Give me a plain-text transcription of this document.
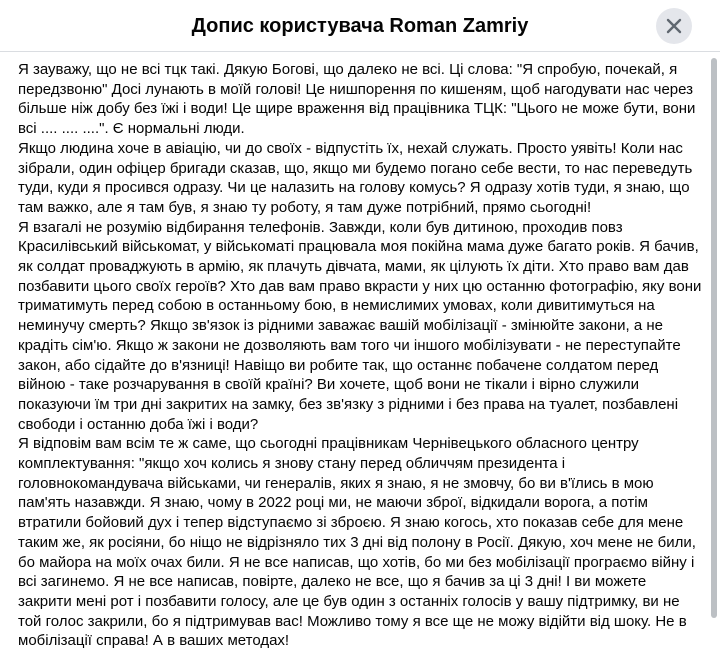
Допис користувача Roman Zamriy

Я зауважу, що не всі тцк такі. Дякую Богові, що далеко не всі. Ці слова: "Я спробую, почекай, я передзвоню" Досі лунають в моїй голові! Це нишпорення по кишеням, щоб нагодувати нас через більше ніж добу без їжі і води! Це щире враження від працівника ТЦК: "Цього не може бути, вони всі .... .... ....". Є нормальні люди.

Якщо людина хоче в авіацію, чи до своїх - відпустіть їх, нехай служать. Просто уявіть! Коли нас зібрали, один офіцер бригади сказав, що, якщо ми будемо погано себе вести, то нас переведуть туди, куди я просився одразу. Чи це налазить на голову комусь? Я одразу хотів туди, я знаю, що там важко, але я там був, я знаю ту роботу, я там дуже потрібний, прямо сьогодні!

Я взагалі не розумію відбирання телефонів. Завжди, коли був дитиною, проходив повз Красилівський військомат, у військоматі працювала моя покійна мама дуже багато років. Я бачив, як солдат проваджують в армію, як плачуть дівчата, мами, як цілують їх діти. Хто право вам дав позбавити цього своїх героїв? Хто дав вам право вкрасти у них цю останню фотографію, яку вони триматимуть перед собою в останньому бою, в немислимих умовах, коли дивитимуться на неминучу смерть? Якщо зв'язок із рідними заважає вашій мобілізації - змінюйте закони, а не крадіть сім'ю. Якщо ж закони не дозволяють вам того чи іншого мобілізувати - не переступайте закон, або сідайте до в'язниці! Навіщо ви робите так, що останнє побачене солдатом перед війною - таке розчарування в своїй країні? Ви хочете, щоб вони не тікали і вірно служили показуючи їм три дні закритих на замку, без зв'язку з рідними і без права на туалет, позбавлені свободи і останню доба їжі і води?

Я відповім вам всім те ж саме, що сьогодні працівникам Чернівецького обласного центру комплектування: "якщо хоч колись я знову стану перед обличчям президента і головнокомандувача військами, чи генералів, яких я знаю, я не змовчу, бо ви в'їлись в мою пам'ять назавжди. Я знаю, чому в 2022 році ми, не маючи зброї, відкидали ворога, а потім втратили бойовий дух і тепер відступаємо зі зброєю. Я знаю когось, хто показав себе для мене таким же, як росіяни, бо ніщо не відрізняло тих 3 дні від полону в Росії. Дякую, хоч мене не били, бо майора на моїх очах били. Я не все написав, що хотів, бо ми без мобілізації програємо війну і всі загинемо. Я не все написав, повірте, далеко не все, що я бачив за ці 3 дні! І ви можете закрити мені рот і позбавити голосу, але це був один з останніх голосів у вашу підтримку, ви не той голос закрили, бо я підтримував вас! Можливо тому я все ще не можу відійти від шоку. Не в мобілізації справа! А в ваших методах!
